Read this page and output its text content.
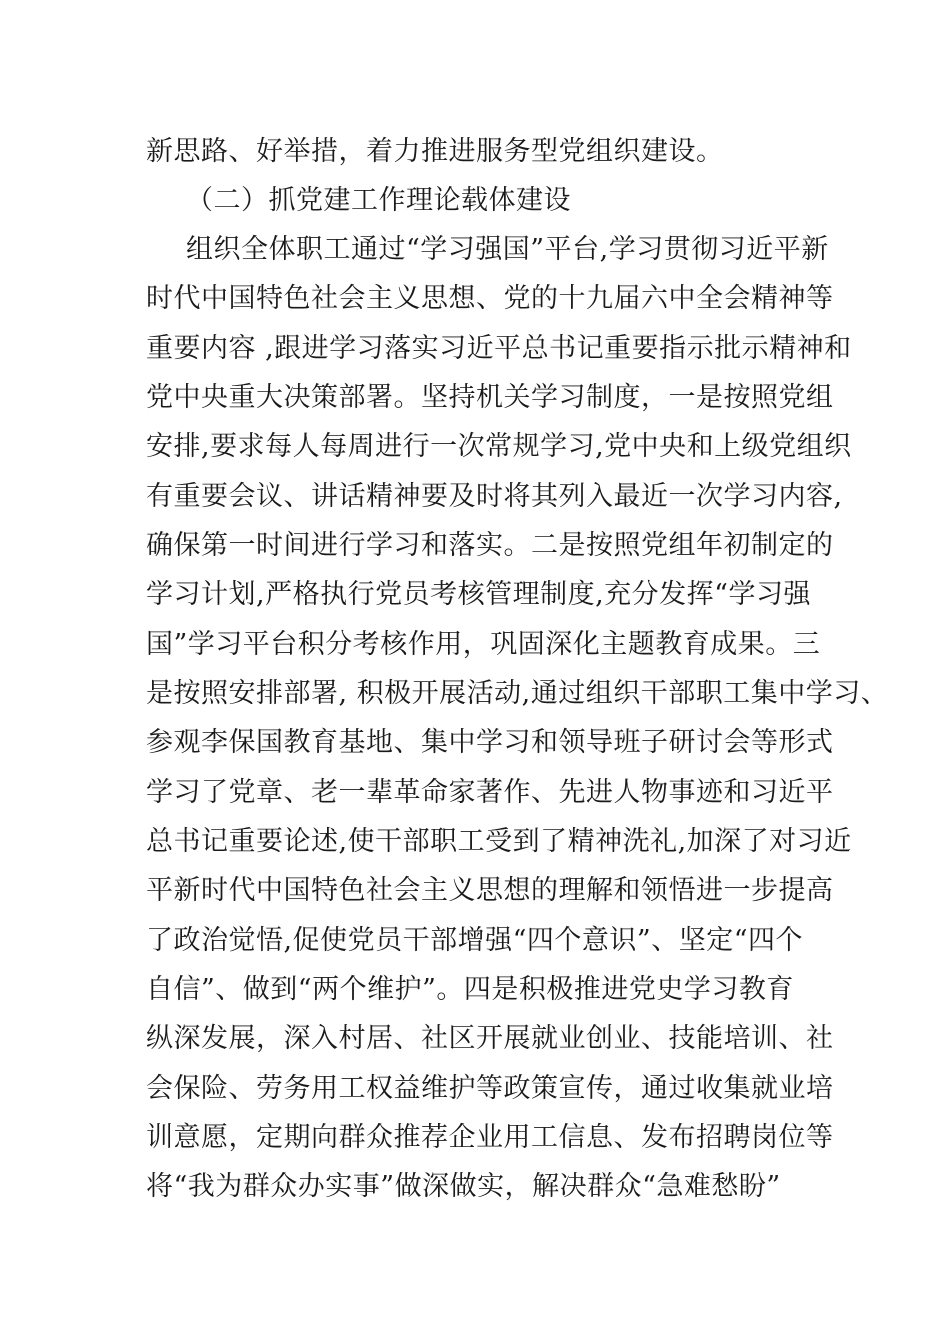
新思路、好举措，着力推进服务型党组织建设。
（二）抓党建工作理论载体建设
组织全体职工通过“学习强国”平台,学习贯彻习近平新
时代中国特色社会主义思想、党的十九届六中全会精神等
重要内容 ,跟进学习落实习近平总书记重要指示批示精神和
党中央重大决策部署。坚持机关学习制度，一是按照党组
安排,要求每人每周进行一次常规学习,党中央和上级党组织
有重要会议、讲话精神要及时将其列入最近一次学习内容,
确保第一时间进行学习和落实。二是按照党组年初制定的
学习计划,严格执行党员考核管理制度,充分发挥“学习强
国”学习平台积分考核作用，巩固深化主题教育成果。三
是按照安排部署, 积极开展活动,通过组织干部职工集中学习、
参观李保国教育基地、集中学习和领导班子研讨会等形式
学习了党章、老一辈革命家著作、先进人物事迹和习近平
总书记重要论述,使干部职工受到了精神洗礼,加深了对习近
平新时代中国特色社会主义思想的理解和领悟进一步提高
了政治觉悟,促使党员干部增强“四个意识”、坚定“四个
自信”、做到“两个维护”。四是积极推进党史学习教育
纵深发展，深入村居、社区开展就业创业、技能培训、社
会保险、劳务用工权益维护等政策宣传，通过收集就业培
训意愿，定期向群众推荐企业用工信息、发布招聘岗位等
将“我为群众办实事”做深做实，解决群众“急难愁盼”
